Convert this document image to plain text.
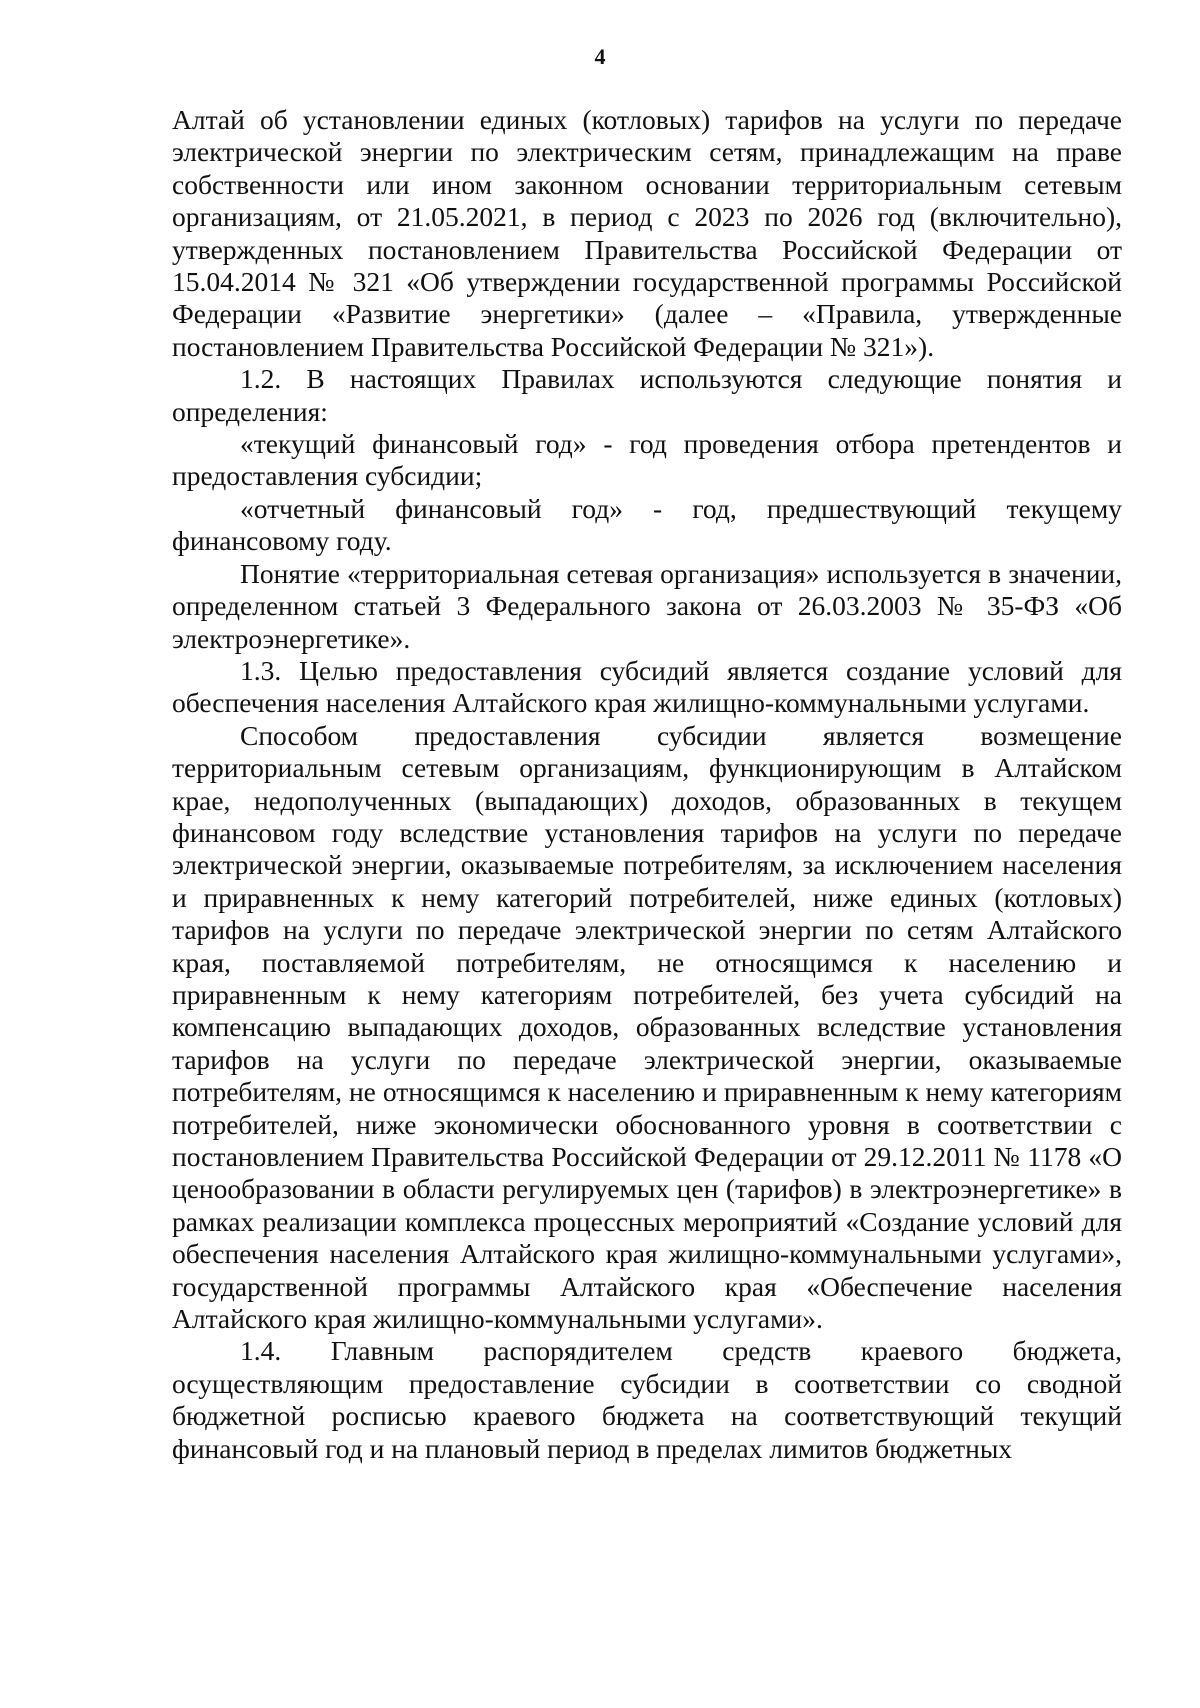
4

Алтай об установлении единых (котловых) тарифов на услуги по передаче электрической энергии по электрическим сетям, принадлежащим на праве собственности или ином законном основании территориальным сетевым организациям, от 21.05.2021, в период с 2023 по 2026 год (включительно), утвержденных постановлением Правительства Российской Федерации от 15.04.2014 № 321 «Об утверждении государственной программы Российской Федерации «Развитие энергетики» (далее – «Правила, утвержденные постановлением Правительства Российской Федерации № 321»).

1.2. В настоящих Правилах используются следующие понятия и определения:

«текущий финансовый год» - год проведения отбора претендентов и предоставления субсидии;

«отчетный финансовый год» - год, предшествующий текущему финансовому году.

Понятие «территориальная сетевая организация» используется в значении, определенном статьей 3 Федерального закона от 26.03.2003 № 35-ФЗ «Об электроэнергетике».

1.3. Целью предоставления субсидий является создание условий для обеспечения населения Алтайского края жилищно-коммунальными услугами.

Способом предоставления субсидии является возмещение территориальным сетевым организациям, функционирующим в Алтайском крае, недополученных (выпадающих) доходов, образованных в текущем финансовом году вследствие установления тарифов на услуги по передаче электрической энергии, оказываемые потребителям, за исключением населения и приравненных к нему категорий потребителей, ниже единых (котловых) тарифов на услуги по передаче электрической энергии по сетям Алтайского края, поставляемой потребителям, не относящимся к населению и приравненным к нему категориям потребителей, без учета субсидий на компенсацию выпадающих доходов, образованных вследствие установления тарифов на услуги по передаче электрической энергии, оказываемые потребителям, не относящимся к населению и приравненным к нему категориям потребителей, ниже экономически обоснованного уровня в соответствии с постановлением Правительства Российской Федерации от 29.12.2011 № 1178 «О ценообразовании в области регулируемых цен (тарифов) в электроэнергетике» в рамках реализации комплекса процессных мероприятий «Создание условий для обеспечения населения Алтайского края жилищно-коммунальными услугами», государственной программы Алтайского края «Обеспечение населения Алтайского края жилищно-коммунальными услугами».

1.4. Главным распорядителем средств краевого бюджета, осуществляющим предоставление субсидии в соответствии со сводной бюджетной росписью краевого бюджета на соответствующий текущий финансовый год и на плановый период в пределах лимитов бюджетных
